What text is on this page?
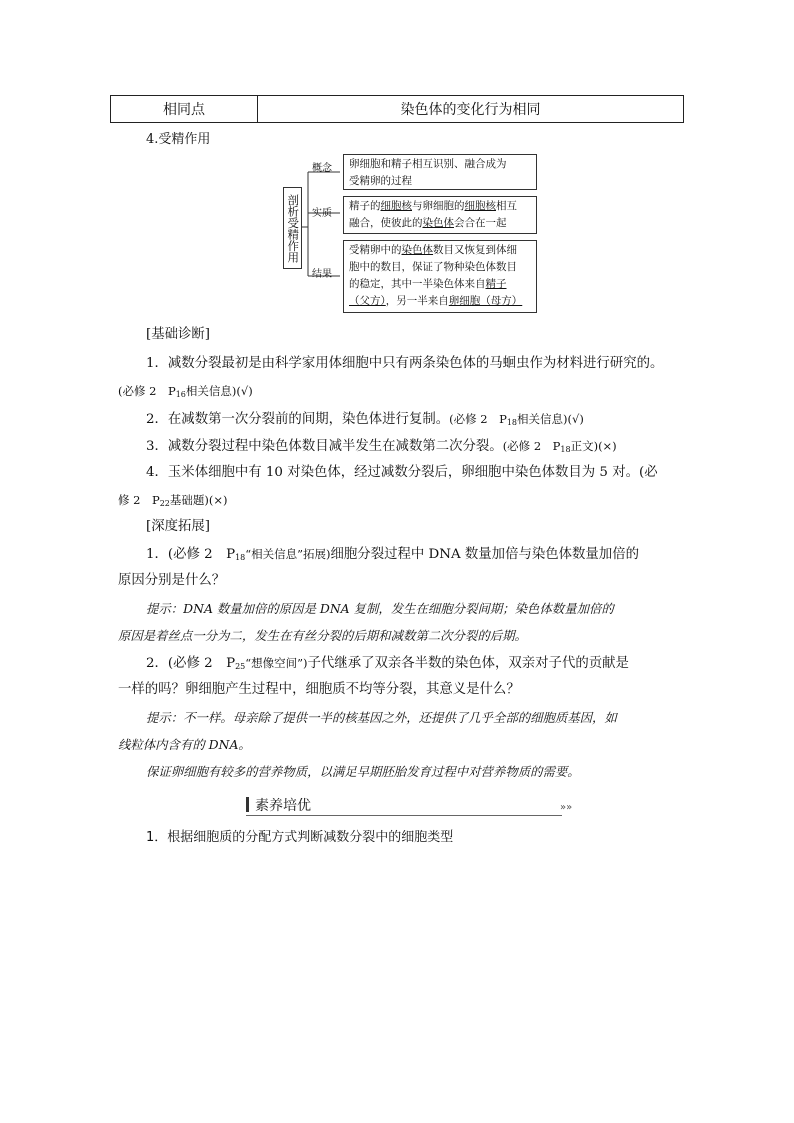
相同点	染色体的变化行为相同
4.受精作用
剖析受精作用
概念 卵细胞和精子相互识别、融合成为
受精卵的过程
实质
精子的细胞核与卵细胞的细胞核相互
融合，使彼此的染色体会合在一起
结果
受精卵中的染色体数目又恢复到体细
胞中的数目，保证了物种染色体数目
的稳定，其中一半染色体来自精子
（父方），另一半来自卵细胞（母方）
[基础诊断]
1．减数分裂最初是由科学家用体细胞中只有两条染色体的马蛔虫作为材料进行研究的。
(必修 2　$P_{16}$相关信息)(√)
2．在减数第一次分裂前的间期，染色体进行复制。(必修 2　$P_{18}$相关信息)(√)
3．减数分裂过程中染色体数目减半发生在减数第二次分裂。(必修 2　$P_{18}$正文)(×)
4．玉米体细胞中有 10 对染色体，经过减数分裂后，卵细胞中染色体数目为 5 对。(必
修 2　$P_{22}$基础题)(×)
[深度拓展]
1．(必修 2　$P_{18}“$相关信息”拓展)细胞分裂过程中 DNA 数量加倍与染色体数量加倍的
原因分别是什么？
提示：DNA 数量加倍的原因是 DNA 复制，发生在细胞分裂间期；染色体数量加倍的
原因是着丝点一分为二，发生在有丝分裂的后期和减数第二次分裂的后期。
2．(必修 2　$P_{25}“$想像空间”)子代继承了双亲各半数的染色体，双亲对子代的贡献是
一样的吗？卵细胞产生过程中，细胞质不均等分裂，其意义是什么？
提示：不一样。母亲除了提供一半的核基因之外，还提供了几乎全部的细胞质基因，如
线粒体内含有的 DNA。
保证卵细胞有较多的营养物质，以满足早期胚胎发育过程中对营养物质的需要。
素养培优	»»
1．根据细胞质的分配方式判断减数分裂中的细胞类型
